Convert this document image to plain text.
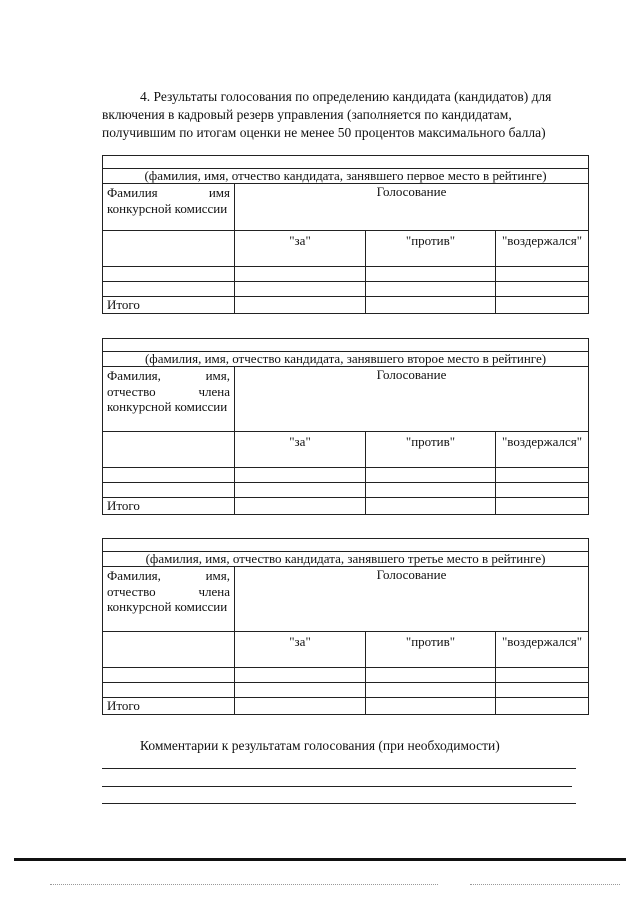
4. Результаты голосования по определению кандидата (кандидатов) для
включения в кадровый резерв управления (заполняется по кандидатам,
получившим по итогам оценки не менее 50 процентов максимального балла)

(фамилия, имя, отчество кандидата, занявшего первое место в рейтинге)			
Фамилия имя конкурсной комиссии	Голосование		
	"за"	"против"	"воздержался"

Итого			

(фамилия, имя, отчество кандидата, занявшего второе место в рейтинге)			
Фамилия, имя, отчество члена конкурсной комиссии	Голосование		
	"за"	"против"	"воздержался"

Итого			

(фамилия, имя, отчество кандидата, занявшего третье место в рейтинге)			
Фамилия, имя, отчество члена конкурсной комиссии	Голосование		
	"за"	"против"	"воздержался"

Итого			
Комментарии к результатам голосования (при необходимости)
